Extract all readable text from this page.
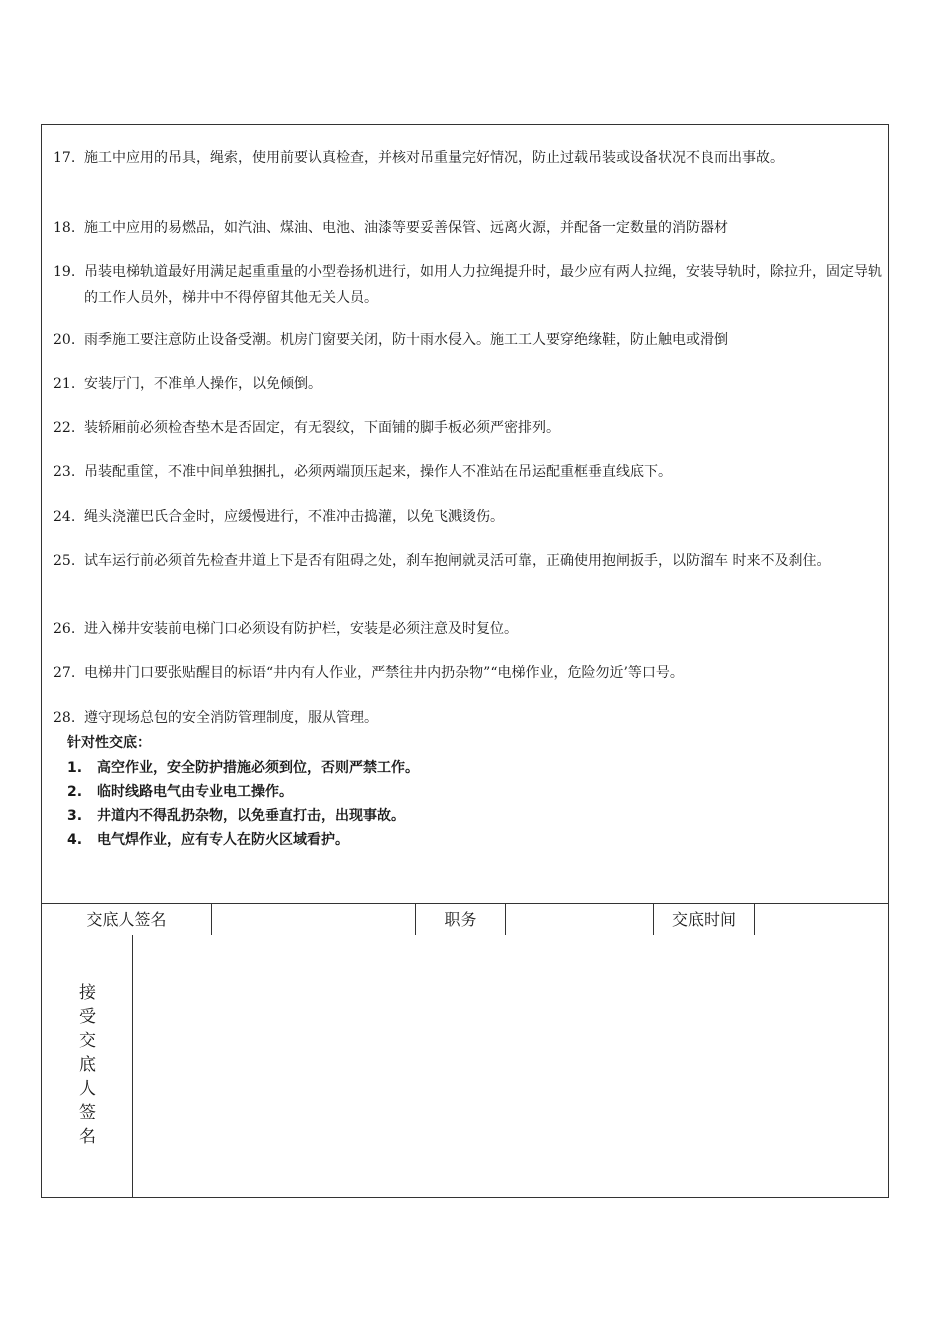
17. 施工中应用的吊具，绳索，使用前要认真检查，并核对吊重量完好情况，防止过载吊装或设备状况不良而出事故。
18. 施工中应用的易燃品，如汽油、煤油、电池、油漆等要妥善保管、远离火源，并配备一定数量的消防器材
19. 吊装电梯轨道最好用满足起重重量的小型卷扬机进行，如用人力拉绳提升时，最少应有两人拉绳，安装导轨时，除拉升，固定导轨的工作人员外，梯井中不得停留其他无关人员。
20. 雨季施工要注意防止设备受潮。机房门窗要关闭，防十雨水侵入。施工工人要穿绝缘鞋，防止触电或滑倒
21. 安装厅门，不准单人操作，以免倾倒。
22. 装轿厢前必须检杳垫木是否固定，有无裂纹，下面铺的脚手板必须严密排列。
23. 吊装配重筐，不准中间单独捆扎，必须两端顶压起来，操作人不准站在吊运配重框垂直线底下。
24. 绳头浇灌巴氏合金时，应缓慢进行，不准冲击捣灌，以免飞溅烫伤。
25. 试车运行前必须首先检查井道上下是否有阻碍之处，刹车抱闸就灵活可靠，正确使用抱闸扳手，以防溜车 时来不及刹住。
26. 进入梯井安装前电梯门口必须设有防护栏，安装是必须注意及时复位。
27. 电梯井门口要张贴醒目的标语“井内有人作业，严禁往井内扔杂物”“电梯作业，危险勿近’等口号。
28. 遵守现场总包的安全消防管理制度，服从管理。
针对性交底：
1.	高空作业，安全防护措施必须到位，否则严禁工作。
2.	临时线路电气由专业电工操作。
3.	井道内不得乱扔杂物，以免垂直打击，出现事故。
4.	电气焊作业，应有专人在防火区域看护。
交底人签名	职务	交底时间
接
受
交
底
人
签
名
